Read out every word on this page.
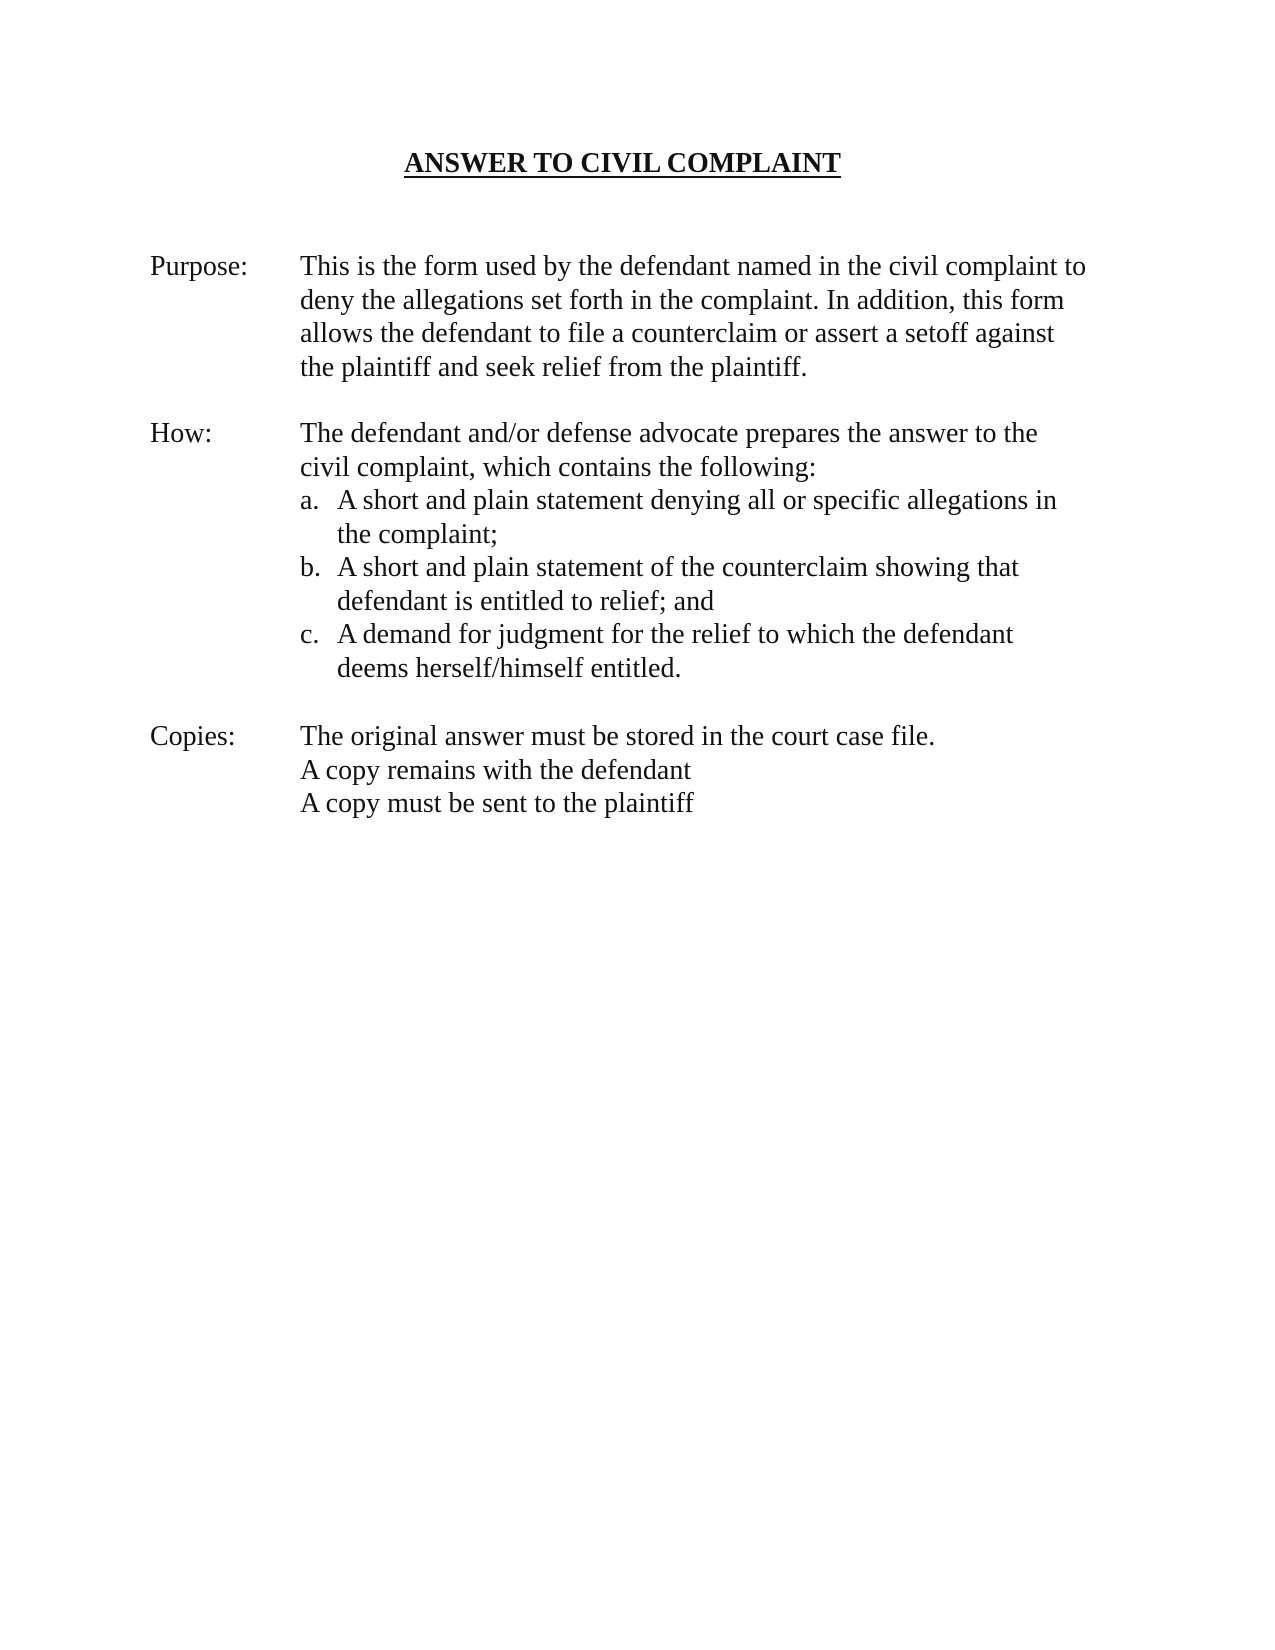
ANSWER TO CIVIL COMPLAINT
Purpose: This is the form used by the defendant named in the civil complaint to
deny the allegations set forth in the complaint. In addition, this form
allows the defendant to file a counterclaim or assert a setoff against
the plaintiff and seek relief from the plaintiff.
How:	The defendant and/or defense advocate prepares the answer to the
civil complaint, which contains the following:
a. A short and plain statement denying all or specific allegations in
the complaint;
b. A short and plain statement of the counterclaim showing that
defendant is entitled to relief; and
c. A demand for judgment for the relief to which the defendant
deems herself/himself entitled.
Copies: The original answer must be stored in the court case file.
A copy remains with the defendant
A copy must be sent to the plaintiff
